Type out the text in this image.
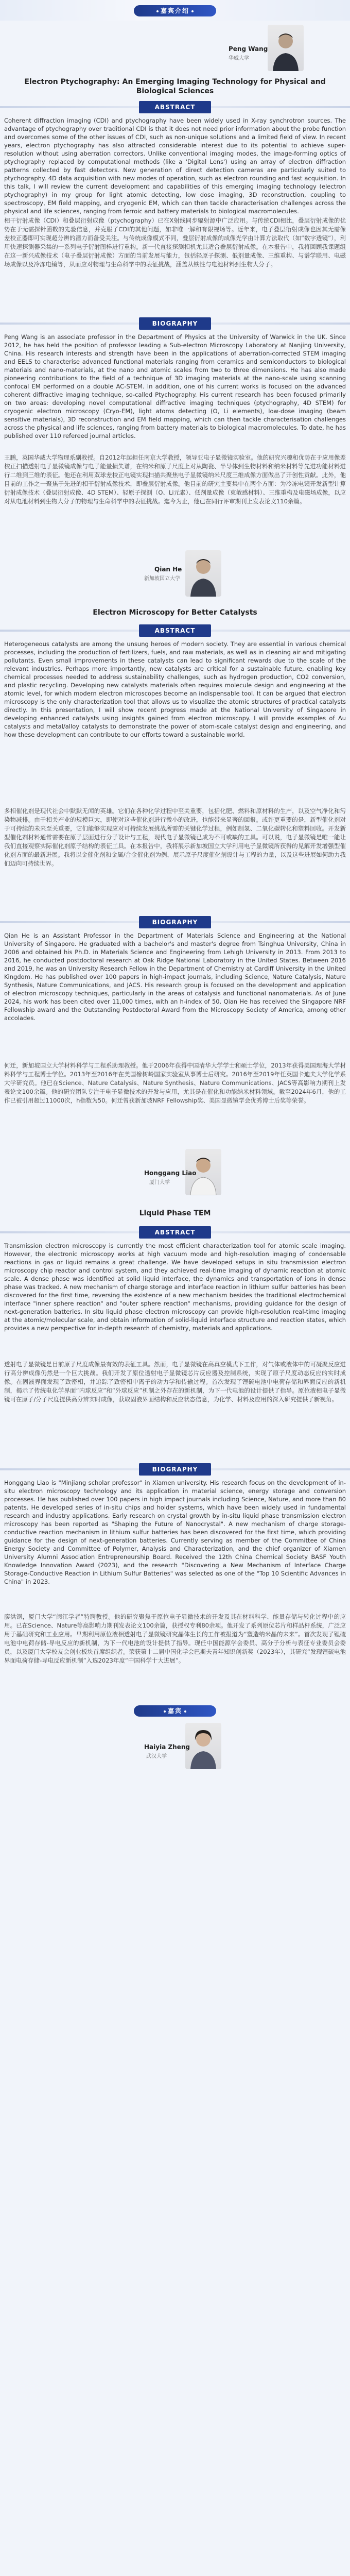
嘉宾介绍
Peng Wang
华威大学
Electron Ptychography: An Emerging Imaging Technology for Physical and Biological Sciences
ABSTRACT
Coherent diffraction imaging (CDI) and ptychography have been widely used in X-ray synchrotron sources. The advantage of ptychography over traditional CDI is that it does not need prior information about the probe function and overcomes some of the other issues of CDI, such as non-unique solutions and a limited field of view. In recent years, electron ptychography has also attracted considerable interest due to its potential to achieve super-resolution without using aberration correctors. Unlike conventional imaging modes, the image-forming optics of ptychography replaced by computational methods (like a 'Digital Lens') using an array of electron diffraction patterns collected by fast detectors. New generation of direct detection cameras are particularly suited to ptychography. 4D data acquisition with new modes of operation, such as electron rounding and fast acquisition. In this talk, I will review the current development and capabilities of this emerging imaging technology (electron ptychography) in my group for light atomic detecting, low dose imaging, 3D reconstruction, coupling to spectroscopy, EM field mapping, and cryogenic EM, which can then tackle characterisation challenges across the physical and life sciences, ranging from ferroic and battery materials to biological macromolecules.
相干衍射成像（CDI）和叠层衍射成像（ptychography）已在X射线同步辐射源中广泛应用。与传统CDI相比，叠层衍射成像的优势在于无需探针函数的先验信息，并克服了CDI的其他问题，如非唯一解和有限视场等。近年来，电子叠层衍射成像也因其无需像差校正器即可实现超分辨的潜力而备受关注。与传统成像模式不同，叠层衍射成像的成像光学由计算方法取代（如“数字透镜”），利用快速探测器采集的一系列电子衍射图样进行重构。新一代直接探测相机尤其适合叠层衍射成像。在本报告中，我将回顾我课题组在这一新兴成像技术（电子叠层衍射成像）方面的当前发展与能力，包括轻原子探测、低剂量成像、三维重构、与谱学联用、电磁场成像以及冷冻电镜等，从而应对物理与生命科学中的表征挑战，涵盖从铁性与电池材料到生物大分子。
BIOGRAPHY
Peng Wang is an associate professor in the Department of Physics at the University of Warwick in the UK. Since 2012, he has held the position of professor leading a Sub-electron Microscopy Laboratory at Nanjing University, China. His research interests and strength have been in the applications of aberration-corrected STEM imaging and EELS to characterise advanced functional materials ranging from ceramics and semiconductors to biological materials and nano-materials, at the nano and atomic scales from two to three dimensions. He has also made pioneering contributions to the field of a technique of 3D imaging materials at the nano-scale using scanning confocal EM performed on a double AC-STEM. In addition, one of his current works is focused on the advanced coherent diffractive imaging technique, so-called Ptychography. His current research has been focused primarily on two areas: developing novel computational diffractive imaging techniques (ptychography, 4D STEM) for cryogenic electron microscopy (Cryo-EM), light atoms detecting (O, Li elements), low-dose imaging (beam sensitive materials), 3D reconstruction and EM field mapping, which can then tackle characterisation challenges across the physical and life sciences, ranging from battery materials to biological macromolecules. To date, he has published over 110 refereed journal articles.
王鹏，英国华威大学物理系副教授。自2012年起担任南京大学教授，领导亚电子显微镜实验室。他的研究兴趣和优势在于应用像差校正扫描透射电子显微镜成像与电子能量损失谱，在纳米和原子尺度上对从陶瓷、半导体到生物材料和纳米材料等先进功能材料进行二维到三维的表征。他还在利用双球差校正电镜实现扫描共聚焦电子显微镜纳米尺度三维成像方面做出了开创性贡献。此外，他目前的工作之一聚焦于先进的相干衍射成像技术，即叠层衍射成像。他目前的研究主要集中在两个方面：为冷冻电镜开发新型计算衍射成像技术（叠层衍射成像、4D STEM）、轻原子探测（O、Li元素）、低剂量成像（束敏感材料）、三维重构及电磁场成像，以应对从电池材料到生物大分子的物理与生命科学中的表征挑战。迄今为止，他已在同行评审期刊上发表论文110余篇。
Qian He
新加坡国立大学
Electron Microscopy for Better Catalysts
ABSTRACT
Heterogeneous catalysts are among the unsung heroes of modern society. They are essential in various chemical processes, including the production of fertilizers, fuels, and raw materials, as well as in cleaning air and mitigating pollutants. Even small improvements in these catalysts can lead to significant rewards due to the scale of the relevant industries. Perhaps more importantly, new catalysts are critical for a sustainable future, enabling key chemical processes needed to address sustainability challenges, such as hydrogen production, CO2 conversion, and plastic recycling. Developing new catalysts materials often requires molecule design and engineering at the atomic level, for which modern electron microscopes become an indispensable tool. It can be argued that electron microscopy is the only characterization tool that allows us to visualize the atomic structures of practical catalysts directly. In this presentation, I will show recent progress made at the National University of Singapore in developing enhanced catalysts using insights gained from electron microscopy. I will provide examples of Au catalysts and metal/alloy catalysts to demonstrate the power of atom-scale catalyst design and engineering, and how these development can contribute to our efforts toward a sustainable world.
多相催化剂是现代社会中默默无闻的英雄。它们在各种化学过程中至关重要，包括化肥、燃料和原材料的生产，以及空气净化和污染物减排。由于相关产业的规模巨大，即使对这些催化剂进行微小的改进，也能带来显著的回报。或许更重要的是，新型催化剂对于可持续的未来至关重要，它们能够实现应对可持续发展挑战所需的关键化学过程，例如制氢、二氧化碳转化和塑料回收。开发新型催化剂材料通常需要在原子层面进行分子设计与工程，现代电子显微镜已成为不可或缺的工具。可以说，电子显微镜是唯一能让我们直接观察实际催化剂原子结构的表征工具。在本报告中，我将展示新加坡国立大学利用电子显微镜所获得的见解开发增强型催化剂方面的最新进展。我将以金催化剂和金属/合金催化剂为例，展示原子尺度催化剂设计与工程的力量，以及这些进展如何助力我们迈向可持续世界。
BIOGRAPHY
Qian He is an Assistant Professor in the Department of Materials Science and Engineering at the National University of Singapore. He graduated with a bachelor's and master's degree from Tsinghua University, China in 2006 and obtained his Ph.D. in Materials Science and Engineering from Lehigh University in 2013. From 2013 to 2016, he conducted postdoctoral research at Oak Ridge National Laboratory in the United States. Between 2016 and 2019, he was an University Research Fellow in the Department of Chemistry at Cardiff University in the United Kingdom. He has published over 100 papers in high-impact journals, including Science, Nature Catalysis, Nature Synthesis, Nature Communications, and JACS. His research group is focused on the development and application of electron microscopy techniques, particularly in the areas of catalysis and functional nanomaterials. As of June 2024, his work has been cited over 11,000 times, with an h-index of 50. Qian He has received the Singapore NRF Fellowship award and the Outstanding Postdoctoral Award from the Microscopy Society of America, among other accolades.
何迁，新加坡国立大学材料科学与工程系助理教授。他于2006年获得中国清华大学学士和硕士学位，2013年获得美国理海大学材料科学与工程博士学位。2013年至2016年在美国橡树岭国家实验室从事博士后研究。2016年至2019年任英国卡迪夫大学化学系大学研究员。他已在Science、Nature Catalysis、Nature Synthesis、Nature Communications、JACS等高影响力期刊上发表论文100余篇。他的研究团队专注于电子显微技术的开发与应用，尤其是在催化和功能纳米材料领域。截至2024年6月，他的工作已被引用超过11000次，h指数为50。何迁曾获新加坡NRF Fellowship奖、美国显微镜学会优秀博士后奖等荣誉。
Honggang Liao
厦门大学
Liquid Phase TEM
ABSTRACT
Transmission electron microscopy is currently the most efficient characterization tool for atomic scale imaging. However, the electronic microscopy works at high vacuum mode and high-resolution imaging of condensable reactions in gas or liquid remains a great challenge. We have developed setups in situ transmission electron microscopy chip reactor and control system, and they achieved real-time imaging of dynamic reaction at atomic scale. A dense phase was identified at solid liquid interface, the dynamics and transportation of ions in dense phase was tracked. A new mechanism of charge storage and interface reaction in lithium sulfur batteries has been discovered for the first time, reversing the existence of a new mechanism besides the traditional electrochemical interface "inner sphere reaction" and "outer sphere reaction" mechanisms, providing guidance for the design of next-generation batteries. In situ liquid phase electron microscopy can provide high-resolution real-time imaging at the atomic/molecular scale, and obtain information of solid-liquid interface structure and reaction states, which provides a new perspective for in-depth research of chemistry, materials and applications.
透射电子显微镜是目前原子尺度成像最有效的表征工具。然而，电子显微镜在高真空模式下工作，对气体或液体中的可凝聚反应进行高分辨成像仍然是一个巨大挑战。我们开发了原位透射电子显微镜芯片反应器及控制系统，实现了原子尺度动态反应的实时成像。在固液界面发现了致密相，并追踪了致密相中离子的动力学和传输过程。首次发现了锂硫电池中电荷存储和界面反应的新机制，揭示了传统电化学界面“内球反应”和“外球反应”机制之外存在的新机制，为下一代电池的设计提供了指导。原位液相电子显微镜可在原子/分子尺度提供高分辨实时成像，获取固液界面结构和反应状态信息，为化学、材料及应用的深入研究提供了新视角。
BIOGRAPHY
Honggang Liao is "Minjiang scholar professor" in Xiamen university. His research focus on the development of in-situ electron microscopy technology and its application in material science, energy storage and conversion processes. He has published over 100 papers in high impact journals including Science, Nature, and more than 80 patents. He developed series of in-situ chips and holder systems, which have been widely used in fundamental research and industry applications. Early research on crystal growth by in-situ liquid phase transmission electron microscopy has been reported as "Shaping the Future of Nanocrystal". A new mechanism of charge storage-conductive reaction mechanism in lithium sulfur batteries has been discovered for the first time, which providing guidance for the design of next-generation batteries. Currently serving as member of the Committee of China Energy Society and Committee of Polymer, Analysis and Characterization, and the chief organizer of Xiamen University Alumni Association Entrepreneurship Board. Received the 12th China Chemical Society BASF Youth Knowledge Innovation Award (2023), and the research "Discovering a New Mechanism of Interface Charge Storage-Conductive Reaction in Lithium Sulfur Batteries" was selected as one of the "Top 10 Scientific Advances in China" in 2023.
廖洪钢，厦门大学“闽江学者”特聘教授。他的研究聚焦于原位电子显微技术的开发及其在材料科学、能量存储与转化过程中的应用。已在Science、Nature等高影响力期刊发表论文100余篇，获授权专利80余项。他开发了系列原位芯片和样品杆系统，广泛应用于基础研究和工业应用。早期利用原位液相透射电子显微镜研究晶体生长的工作被报道为“塑造纳米晶的未来”。首次发现了锂硫电池中电荷存储-导电反应的新机制，为下一代电池的设计提供了指导。现任中国能源学会委员、高分子分析与表征专业委员会委员，以及厦门大学校友会创业板块首席组织者。荣获第十二届中国化学会巴斯夫青年知识创新奖（2023年），其研究“发现锂硫电池界面电荷存储-导电反应新机制”入选2023年度“中国科学十大进展”。
嘉宾
Haiyia Zheng
武汉大学
